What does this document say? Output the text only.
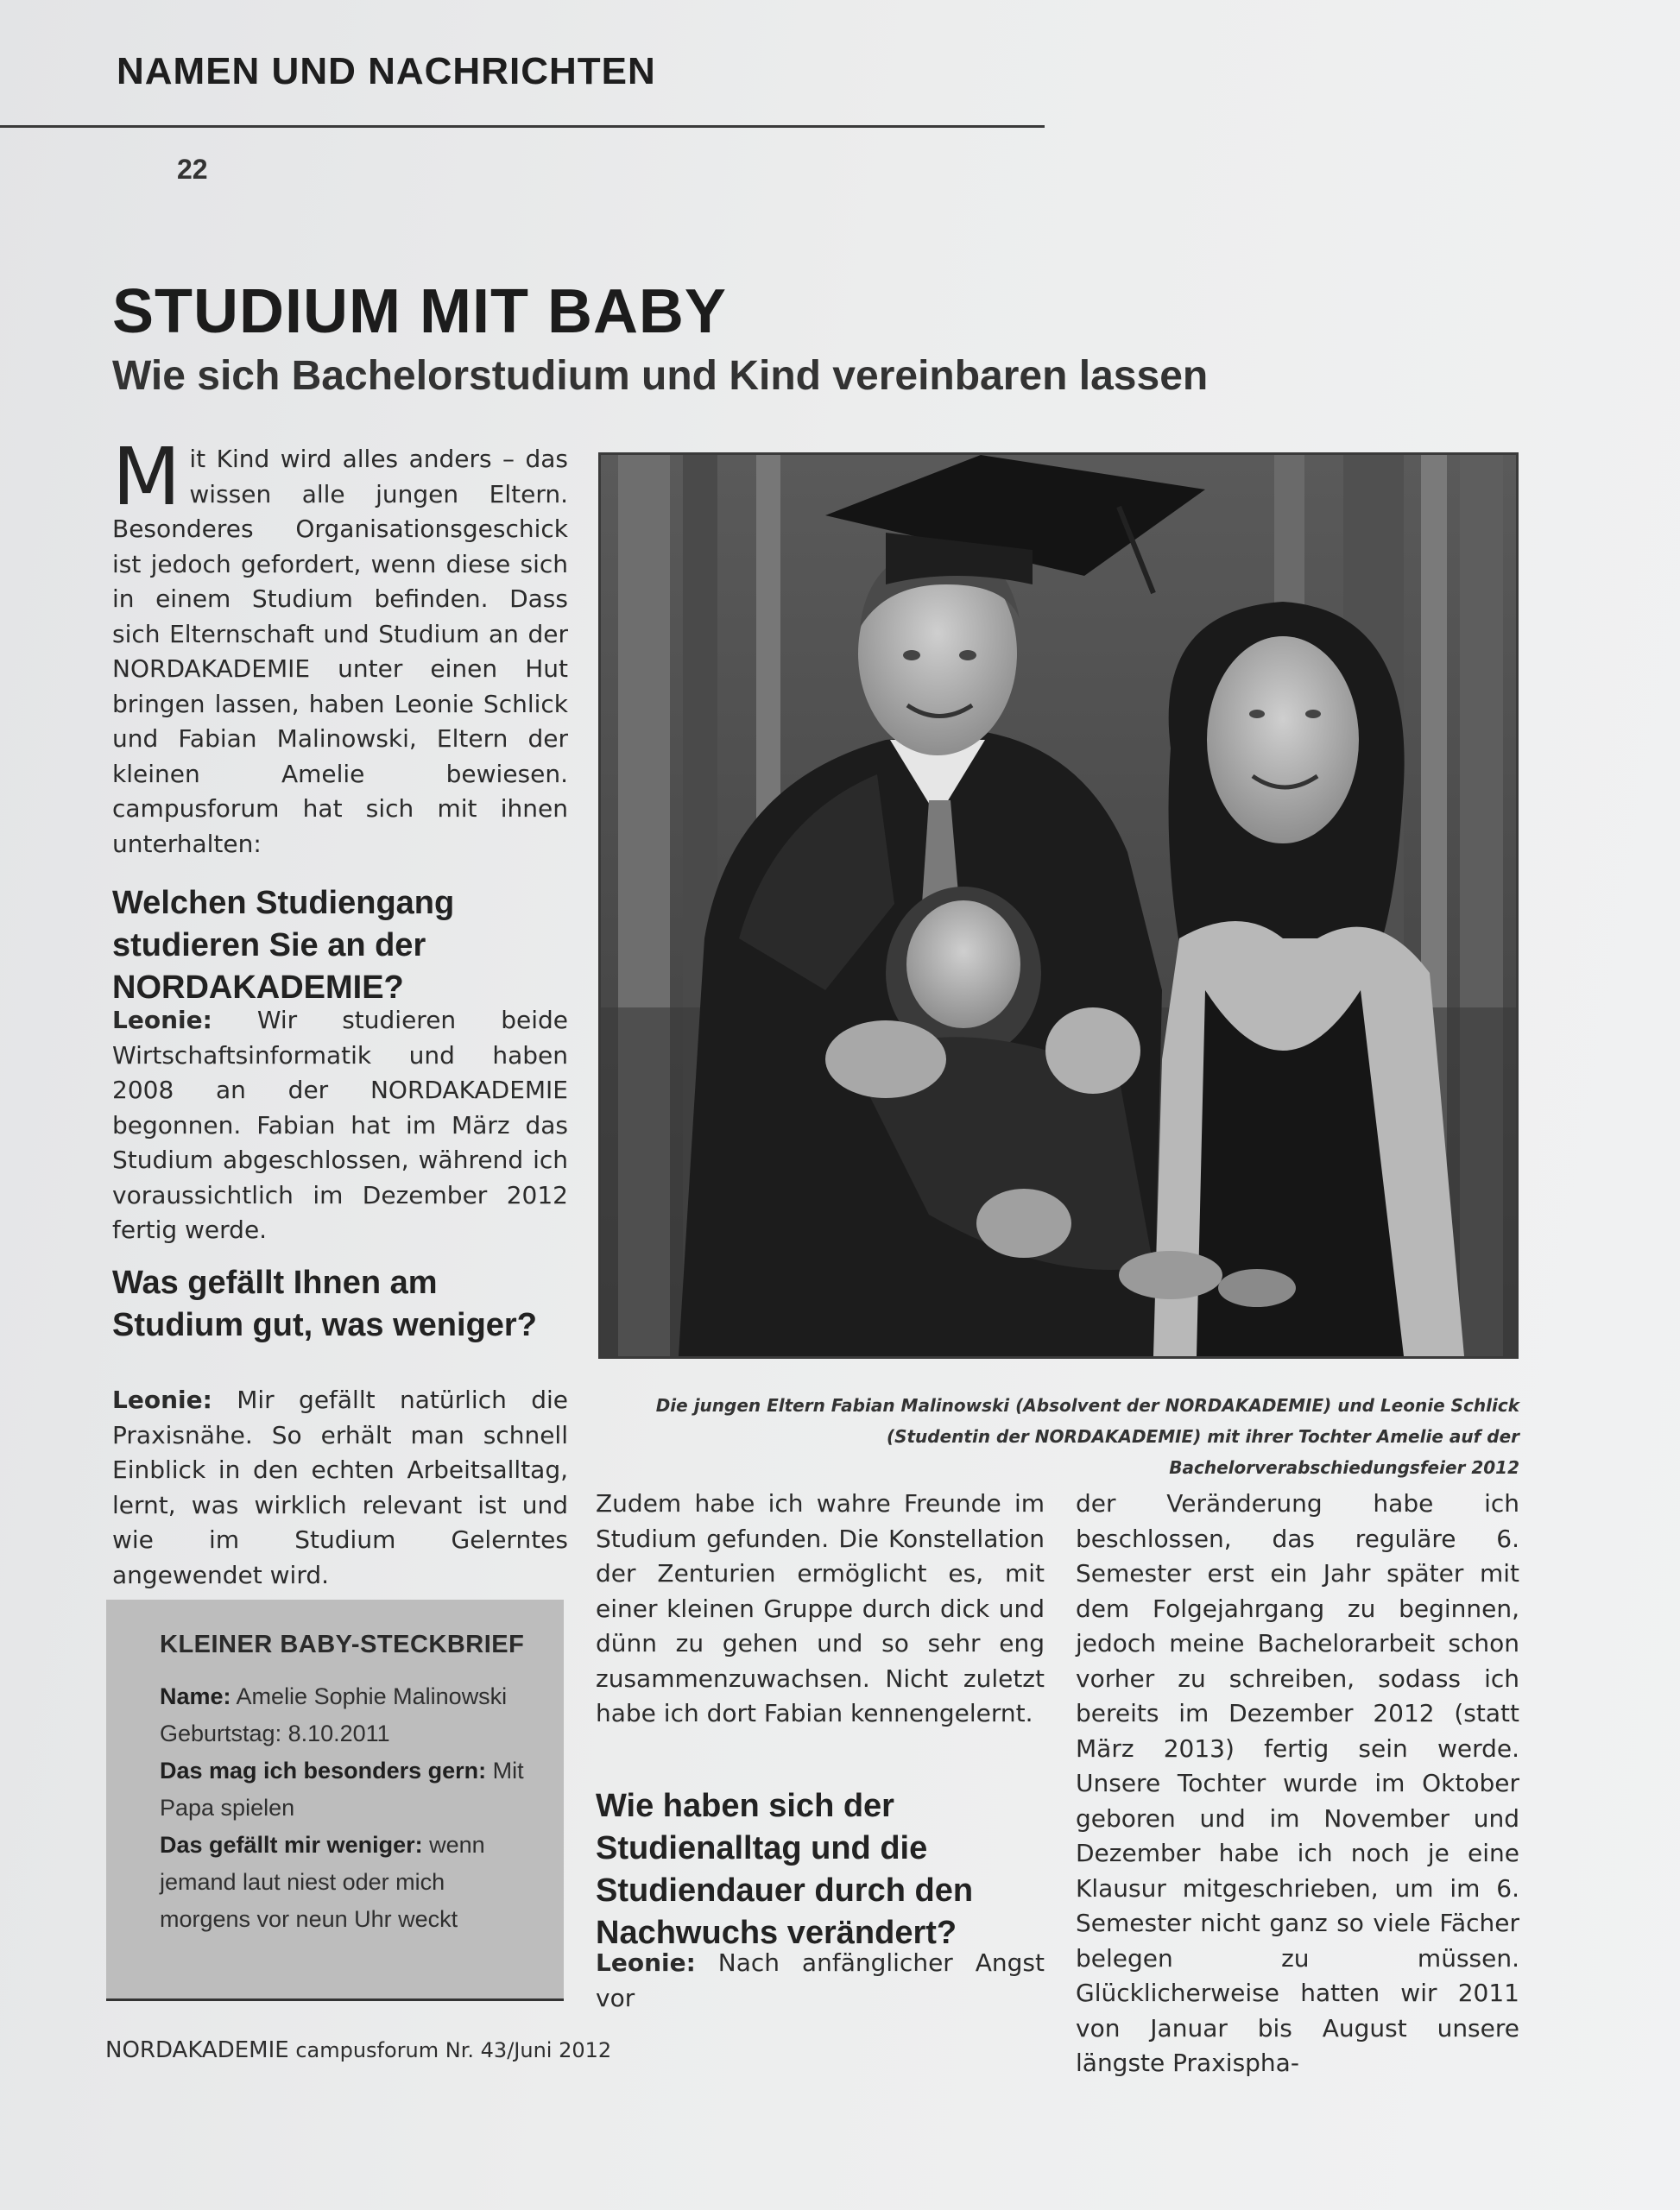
NAMEN UND NACHRICHTEN
22
STUDIUM MIT BABY
Wie sich Bachelorstudium und Kind vereinbaren lassen

Mit Kind wird alles anders – das wissen alle jungen Eltern. Besonderes Organisationsgeschick ist jedoch gefordert, wenn diese sich in einem Studium befinden. Dass sich Elternschaft und Studium an der NORDAKADEMIE unter einen Hut bringen lassen, haben Leonie Schlick und Fabian Malinowski, Eltern der kleinen Amelie bewiesen. campusforum hat sich mit ihnen unterhalten:

Welchen Studiengang studieren Sie an der NORDAKADEMIE?

Leonie: Wir studieren beide Wirtschaftsinformatik und haben 2008 an der NORDAKADEMIE begonnen. Fabian hat im März das Studium abgeschlossen, während ich voraussichtlich im Dezember 2012 fertig werde.

Was gefällt Ihnen am Studium gut, was weniger?

Leonie: Mir gefällt natürlich die Praxisnähe. So erhält man schnell Einblick in den echten Arbeitsalltag, lernt, was wirklich relevant ist und wie im Studium Gelerntes angewendet wird.

Die jungen Eltern Fabian Malinowski (Absolvent der NORDAKADEMIE) und Leonie Schlick (Studentin der NORDAKADEMIE) mit ihrer Tochter Amelie auf der Bachelorverabschiedungsfeier 2012

Zudem habe ich wahre Freunde im Studium gefunden. Die Konstellation der Zenturien ermöglicht es, mit einer kleinen Gruppe durch dick und dünn zu gehen und so sehr eng zusammenzuwachsen. Nicht zuletzt habe ich dort Fabian kennengelernt.

Wie haben sich der Studienalltag und die Studiendauer durch den Nachwuchs verändert?

Leonie: Nach anfänglicher Angst vor

der Veränderung habe ich beschlossen, das reguläre 6. Semester erst ein Jahr später mit dem Folgejahrgang zu beginnen, jedoch meine Bachelorarbeit schon vorher zu schreiben, sodass ich bereits im Dezember 2012 (statt März 2013) fertig sein werde. Unsere Tochter wurde im Oktober geboren und im November und Dezember habe ich noch je eine Klausur mitgeschrieben, um im 6. Semester nicht ganz so viele Fächer belegen zu müssen. Glücklicherweise hatten wir 2011 von Januar bis August unsere längste Praxispha-

KLEINER BABY-STECKBRIEF
Name: Amelie Sophie Malinowski
Geburtstag: 8.10.2011
Das mag ich besonders gern: Mit Papa spielen
Das gefällt mir weniger: wenn jemand laut niest oder mich morgens vor neun Uhr weckt
NORDAKADEMIE campusforum Nr. 43/Juni 2012
